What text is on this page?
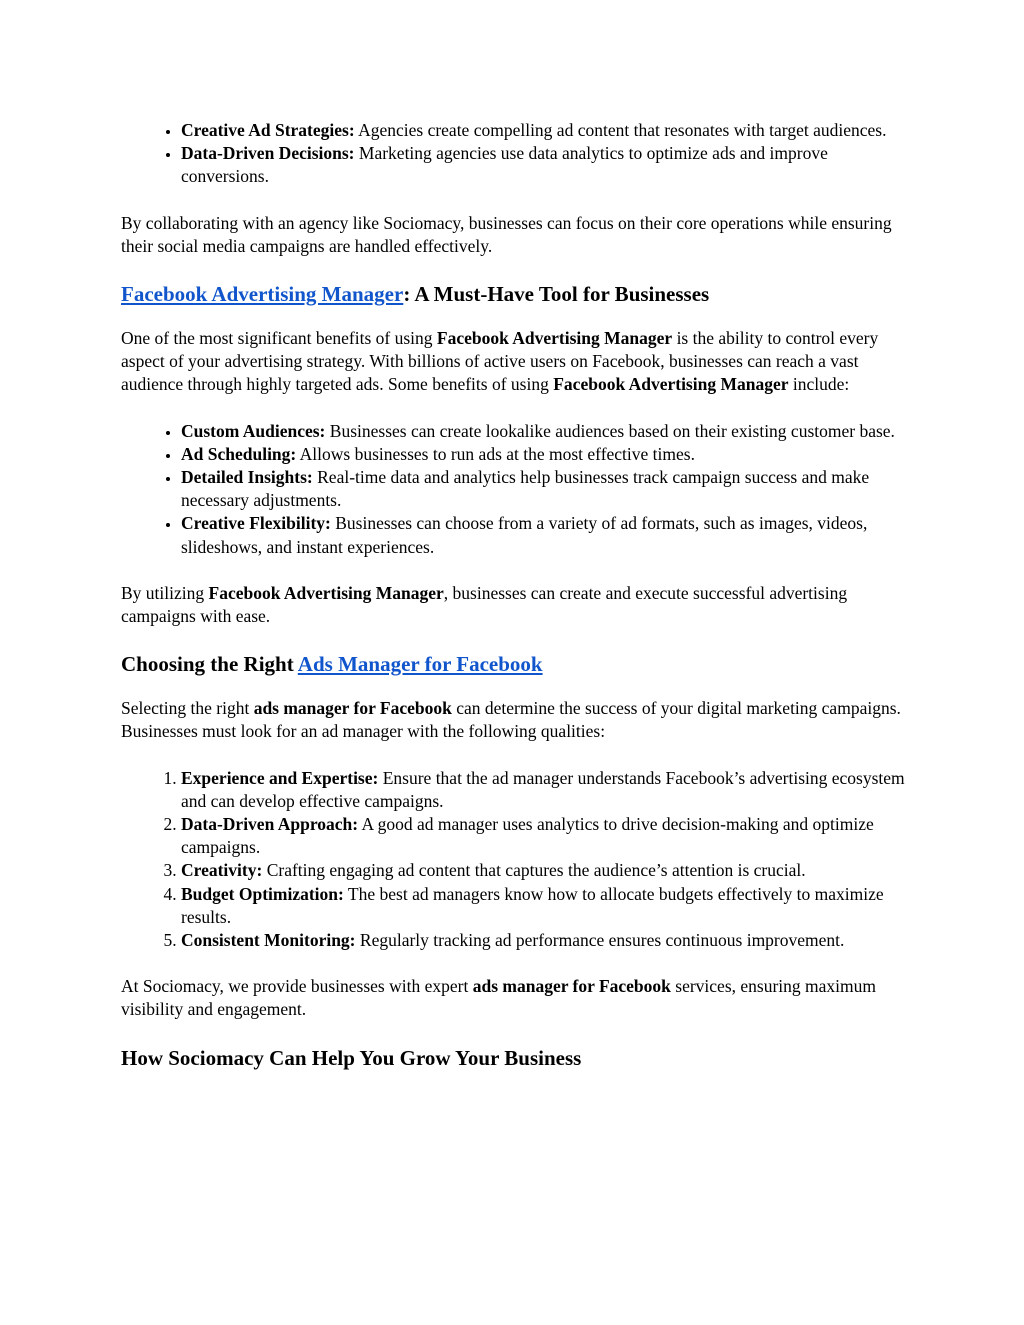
• Creative Ad Strategies: Agencies create compelling ad content that resonates with target audiences.
• Data-Driven Decisions: Marketing agencies use data analytics to optimize ads and improve conversions.

By collaborating with an agency like Sociomacy, businesses can focus on their core operations while ensuring their social media campaigns are handled effectively.

Facebook Advertising Manager: A Must-Have Tool for Businesses

One of the most significant benefits of using Facebook Advertising Manager is the ability to control every aspect of your advertising strategy. With billions of active users on Facebook, businesses can reach a vast audience through highly targeted ads. Some benefits of using Facebook Advertising Manager include:

• Custom Audiences: Businesses can create lookalike audiences based on their existing customer base.
• Ad Scheduling: Allows businesses to run ads at the most effective times.
• Detailed Insights: Real-time data and analytics help businesses track campaign success and make necessary adjustments.
• Creative Flexibility: Businesses can choose from a variety of ad formats, such as images, videos, slideshows, and instant experiences.

By utilizing Facebook Advertising Manager, businesses can create and execute successful advertising campaigns with ease.

Choosing the Right Ads Manager for Facebook

Selecting the right ads manager for Facebook can determine the success of your digital marketing campaigns. Businesses must look for an ad manager with the following qualities:

1. Experience and Expertise: Ensure that the ad manager understands Facebook’s advertising ecosystem and can develop effective campaigns.
2. Data-Driven Approach: A good ad manager uses analytics to drive decision-making and optimize campaigns.
3. Creativity: Crafting engaging ad content that captures the audience’s attention is crucial.
4. Budget Optimization: The best ad managers know how to allocate budgets effectively to maximize results.
5. Consistent Monitoring: Regularly tracking ad performance ensures continuous improvement.

At Sociomacy, we provide businesses with expert ads manager for Facebook services, ensuring maximum visibility and engagement.

How Sociomacy Can Help You Grow Your Business
